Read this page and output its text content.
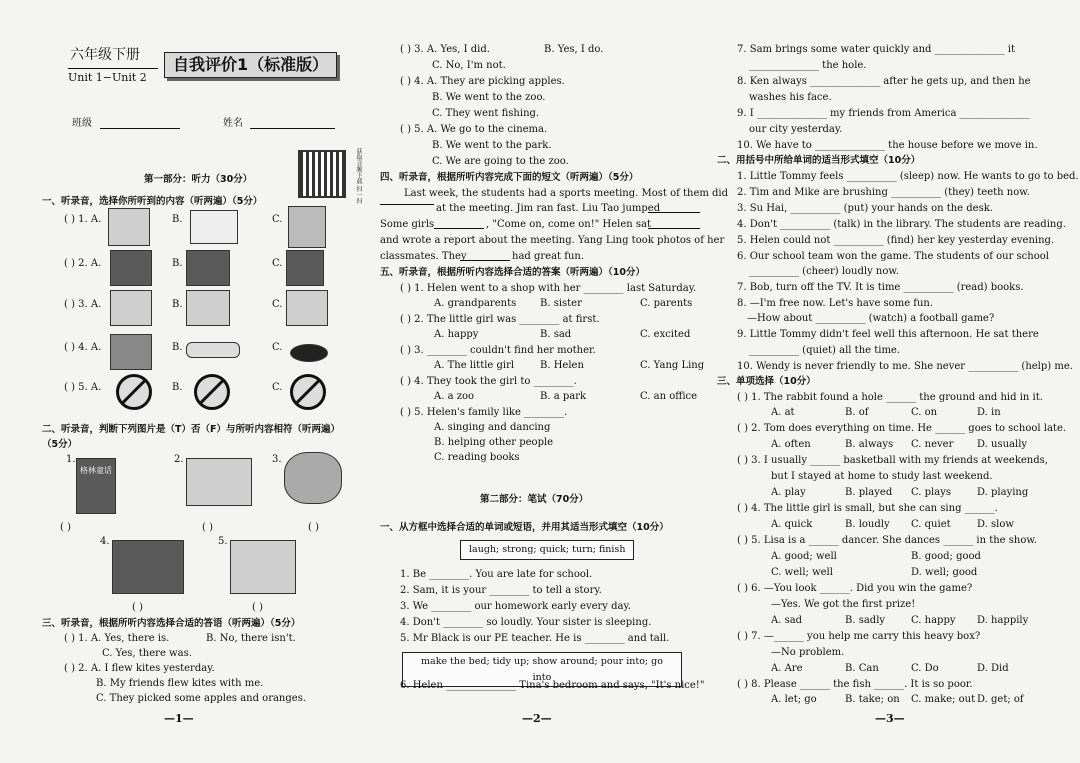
六年级下册
Unit 1−Unit 2
自我评价1（标准版）
班级	姓名
获取音频下载 扫一扫
第一部分：听力（30分）
一、听录音，选择你所听到的内容（听两遍）（5分）
( ) 1. A.	B.	C.
( ) 2. A.	B.	C.
( ) 3. A.	B.	C.
( ) 4. A.	B.	C.
( ) 5. A.	B.	C.
二、听录音，判断下列图片是（T）否（F）与所听内容相符（听两遍）
（5分）
1.
格林童话
2.	3.
( )	( )	( )
4.	5.
( )	( )
三、听录音，根据所听内容选择合适的答语（听两遍）（5分）
( ) 1. A. Yes, there is.	B. No, there isn't.
C. Yes, there was.
( ) 2. A. I flew kites yesterday.
B. My friends flew kites with me.
C. They picked some apples and oranges.
—1—
( ) 3. A. Yes, I did.	B. Yes, I do.
C. No, I'm not.
( ) 4. A. They are picking apples.
B. We went to the zoo.
C. They went fishing.
( ) 5. A. We go to the cinema.
B. We went to the park.
C. We are going to the zoo.
四、听录音，根据所听内容完成下面的短文（听两遍）（5分）
Last week, the students had a sports meeting. Most of them did
at the meeting. Jim ran fast. Liu Tao jumped
Some girls	, "Come on, come on!" Helen sat
and wrote a report about the meeting. Yang Ling took photos of her
classmates. They	had great fun.
五、听录音，根据所听内容选择合适的答案（听两遍）（10分）
( ) 1. Helen went to a shop with her ________ last Saturday.
A. grandparents B. sister	C. parents
( ) 2. The little girl was ________ at first.
A. happy	B. sad	C. excited
( ) 3. ________ couldn't find her mother.
A. The little girl	B. Helen	C. Yang Ling
( ) 4. They took the girl to ________.
A. a zoo	B. a park	C. an office
( ) 5. Helen's family like ________.
A. singing and dancing
B. helping other people
C. reading books
第二部分：笔试（70分）
一、从方框中选择合适的单词或短语，并用其适当形式填空（10分）
laugh; strong; quick; turn; finish
1. Be ________. You are late for school.
2. Sam, it is your ________ to tell a story.
3. We ________ our homework early every day.
4. Don't ________ so loudly. Your sister is sleeping.
5. Mr Black is our PE teacher. He is ________ and tall.
make the bed; tidy up; show around; pour into; go into
6. Helen ______________ Tina's bedroom and says, "It's nice!"
—2—
7. Sam brings some water quickly and ______________ it
______________ the hole.
8. Ken always ______________ after he gets up, and then he
washes his face.
9. I ______________ my friends from America ______________
our city yesterday.
10. We have to ______________ the house before we move in.
二、用括号中所给单词的适当形式填空（10分）
1. Little Tommy feels __________ (sleep) now. He wants to go to bed.
2. Tim and Mike are brushing __________ (they) teeth now.
3. Su Hai, __________ (put) your hands on the desk.
4. Don't __________ (talk) in the library. The students are reading.
5. Helen could not __________ (find) her key yesterday evening.
6. Our school team won the game. The students of our school
__________ (cheer) loudly now.
7. Bob, turn off the TV. It is time __________ (read) books.
8. —I'm free now. Let's have some fun.
—How about __________ (watch) a football game?
9. Little Tommy didn't feel well this afternoon. He sat there
__________ (quiet) all the time.
10. Wendy is never friendly to me. She never __________ (help) me.
三、单项选择（10分）
( ) 1. The rabbit found a hole ______ the ground and hid in it.
A. at	B. of	C. on	D. in
( ) 2. Tom does everything on time. He ______ goes to school late.
A. often	B. always C. never D. usually
( ) 3. I usually ______ basketball with my friends at weekends,
but I stayed at home to study last weekend.
A. play	B. played C. plays	D. playing
( ) 4. The little girl is small, but she can sing ______.
A. quick	B. loudly C. quiet	D. slow
( ) 5. Lisa is a ______ dancer. She dances ______ in the show.
A. good; well	B. good; good
C. well; well	D. well; good
( ) 6. —You look ______. Did you win the game?
—Yes. We got the first prize!
A. sad	B. sadly	C. happy D. happily
( ) 7. —______ you help me carry this heavy box?
—No problem.
A. Are	B. Can	C. Do	D. Did
( ) 8. Please ______ the fish ______. It is so poor.
A. let; go	B. take; on C. make; out D. get; of
—3—
